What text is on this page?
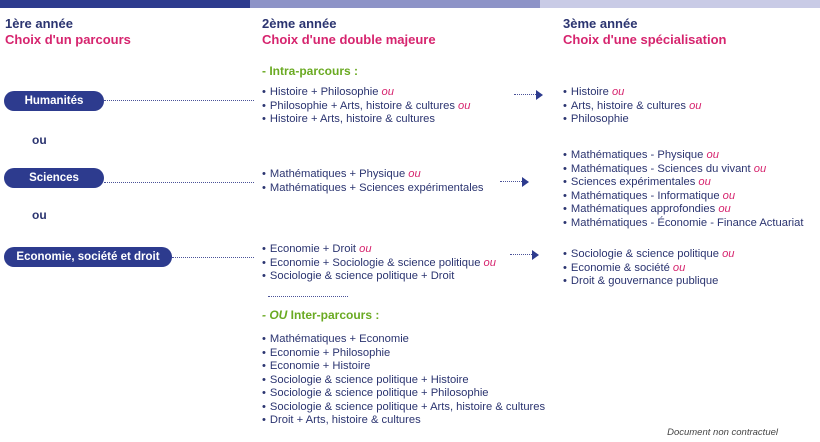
1ère année
Choix d'un parcours
2ème année
Choix d'une double majeure
3ème année
Choix d'une spécialisation
- Intra-parcours :
Humanités
ou
Sciences
ou
Economie, société et droit
• Histoire + Philosophie ou
• Philosophie + Arts, histoire & cultures ou
• Histoire + Arts, histoire & cultures
• Mathématiques + Physique ou
• Mathématiques + Sciences expérimentales
• Economie + Droit ou
• Economie + Sociologie & science politique ou
• Sociologie & science politique + Droit
• Histoire ou
• Arts, histoire & cultures ou
• Philosophie
• Mathématiques - Physique ou
• Mathématiques - Sciences du vivant ou
• Sciences expérimentales ou
• Mathématiques - Informatique ou
• Mathématiques approfondies ou
• Mathématiques - Économie - Finance Actuariat
• Sociologie & science politique ou
• Economie & société ou
• Droit & gouvernance publique
- OU Inter-parcours :
• Mathématiques + Economie
• Economie + Philosophie
• Economie + Histoire
• Sociologie & science politique + Histoire
• Sociologie & science politique + Philosophie
• Sociologie & science politique + Arts, histoire & cultures
• Droit + Arts, histoire & cultures
Document non contractuel
